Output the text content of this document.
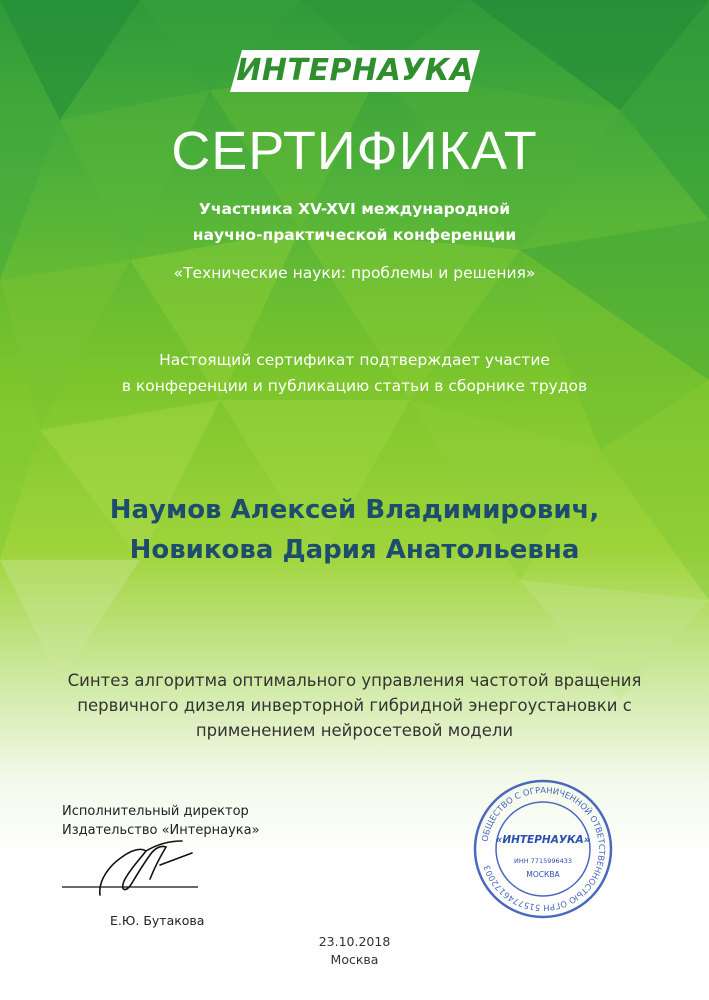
ИНТЕРНАУКА
СЕРТИФИКАТ
Участника XV-XVI международной
научно-практической конференции
«Технические науки: проблемы и решения»
Настоящий сертификат подтверждает участие
в конференции и публикацию статьи в сборнике трудов
Наумов Алексей Владимирович,
Новикова Дария Анатольевна
Синтез алгоритма оптимального управления частотой вращения
первичного дизеля инверторной гибридной энергоустановки с
применением нейросетевой модели
Исполнительный директор
Издательство «Интернаука»
Е.Ю. Бутакова
ОБЩЕСТВО С ОГРАНИЧЕННОЙ ОТВЕТСТВЕННОСТЬЮ ОГРН 5157746172003
«ИНТЕРНАУКА»
ИНН 7715996433
МОСКВА
23.10.2018
Москва
